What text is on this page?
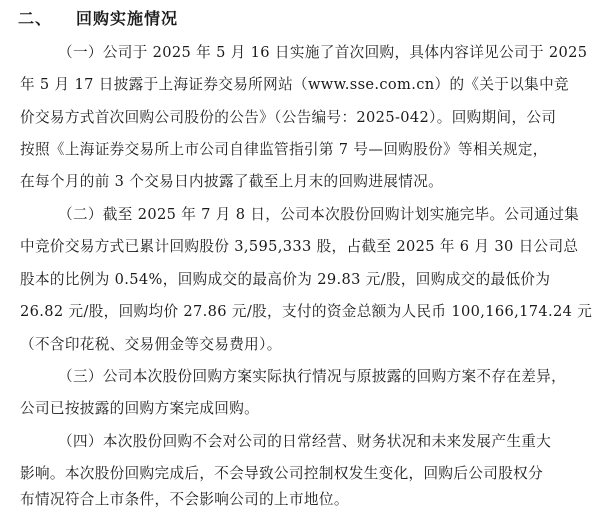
二、 回购实施情况
（一）公司于 2025 年 5 月 16 日实施了首次回购，具体内容详见公司于 2025
年 5 月 17 日披露于上海证券交易所网站（www.sse.com.cn）的《关于以集中竞
价交易方式首次回购公司股份的公告》（公告编号：2025-042）。回购期间，公司
按照《上海证券交易所上市公司自律监管指引第 7 号—回购股份》等相关规定，
在每个月的前 3 个交易日内披露了截至上月末的回购进展情况。
（二）截至 2025 年 7 月 8 日，公司本次股份回购计划实施完毕。公司通过集
中竞价交易方式已累计回购股份 3,595,333 股，占截至 2025 年 6 月 30 日公司总
股本的比例为 0.54%，回购成交的最高价为 29.83 元/股，回购成交的最低价为
26.82 元/股，回购均价 27.86 元/股，支付的资金总额为人民币 100,166,174.24 元
（不含印花税、交易佣金等交易费用）。
（三）公司本次股份回购方案实际执行情况与原披露的回购方案不存在差异，
公司已按披露的回购方案完成回购。
（四）本次股份回购不会对公司的日常经营、财务状况和未来发展产生重大
影响。本次股份回购完成后，不会导致公司控制权发生变化，回购后公司股权分
布情况符合上市条件，不会影响公司的上市地位。
